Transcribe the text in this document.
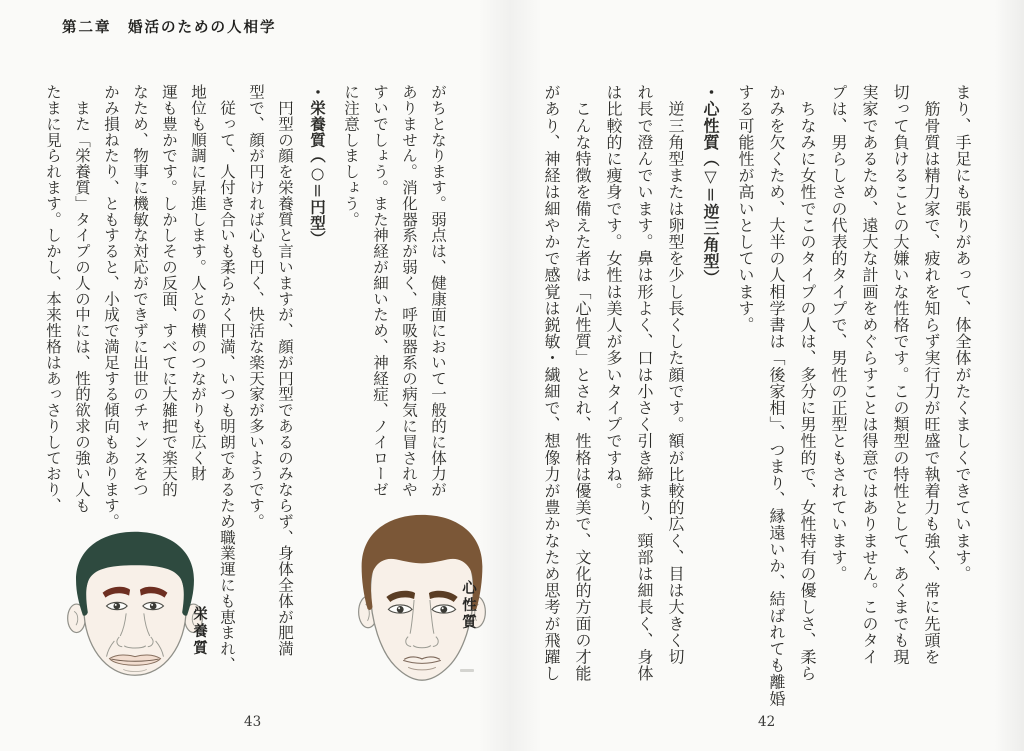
第二章　婚活のための人相学
まり、手足にも張りがあって、体全体がたくましくできています。
　筋骨質は精力家で、疲れを知らず実行力が旺盛で執着力も強く、常に先頭を
切って負けることの大嫌いな性格です。この類型の特性として、あくまでも現
実家であるため、遠大な計画をめぐらすことは得意ではありません。このタイ
プは、男らしさの代表的タイプで、男性の正型ともされています。
　ちなみに女性でこのタイプの人は、多分に男性的で、女性特有の優しさ、柔ら
かみを欠くため、大半の人相学書は「後家相」、つまり、縁遠いか、結ばれても離婚
する可能性が高いとしています。
・心性質（▽＝逆三角型）
　逆三角型または卵型を少し長くした顔です。額が比較的広く、目は大きく切
れ長で澄んでいます。鼻は形よく、口は小さく引き締まり、頸部は細長く、身体
は比較的に痩身です。女性は美人が多いタイプですね。
　こんな特徴を備えた者は「心性質」とされ、性格は優美で、文化的方面の才能
があり、神経は細やかで感覚は鋭敏・繊細で、想像力が豊かなため思考が飛躍し
がちとなります。弱点は、健康面において一般的に体力が
ありません。消化器系が弱く、呼吸器系の病気に冒されや
すいでしょう。また神経が細いため、神経症、ノイローゼ
に注意しましょう。
・栄養質（○＝円型）
　円型の顔を栄養質と言いますが、顔が円型であるのみならず、身体全体が肥満
型で、顔が円ければ心も円く、快活な楽天家が多いようです。
　従って、人付き合いも柔らかく円満、いつも明朗であるため職業運にも恵まれ、
地位も順調に昇進します。人との横のつながりも広く財
運も豊かです。しかしその反面、すべてに大雑把で楽天的
なため、物事に機敏な対応ができずに出世のチャンスをつ
かみ損ねたり、ともすると、小成で満足する傾向もあります。
　また「栄養質」タイプの人の中には、性的欲求の強い人も
たまに見られます。しかし、本来性格はあっさりしており、
栄養質
心性質
43	42
